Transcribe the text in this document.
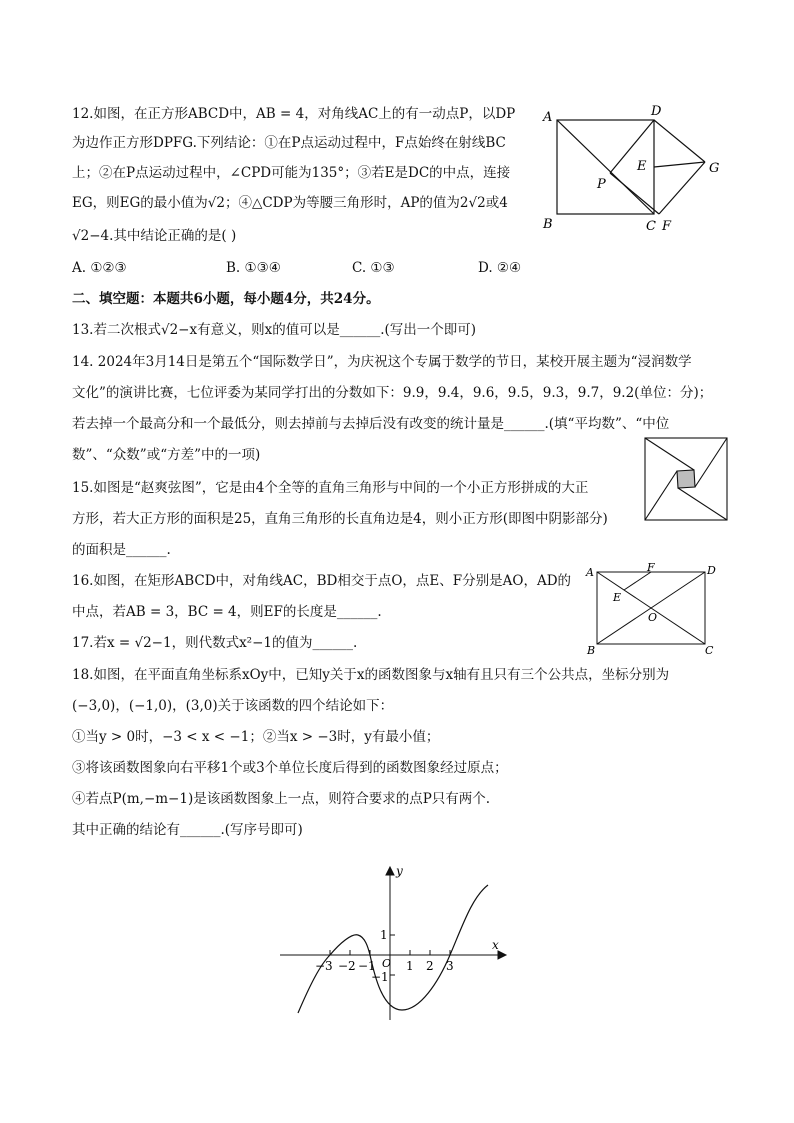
12.如图，在正方形ABCD中，AB = 4，对角线AC上的有一动点P，以DP
为边作正方形DPFG.下列结论：①在P点运动过程中，F点始终在射线BC
上；②在P点运动过程中，∠CPD可能为135°；③若E是DC的中点，连接
EG，则EG的最小值为√2；④△CDP为等腰三角形时，AP的值为2√2或4
√2−4.其中结论正确的是( )
A. ①②③	B. ①③④	C. ①③	D. ②④
A	D
B	C F
G
E
P
二、填空题：本题共6小题，每小题4分，共24分。
13.若二次根式√2−x有意义，则x的值可以是______.(写出一个即可)
14. 2024年3月14日是第五个“国际数学日”，为庆祝这个专属于数学的节日，某校开展主题为“浸润数学
文化”的演讲比赛，七位评委为某同学打出的分数如下：9.9，9.4，9.6，9.5，9.3，9.7，9.2(单位：分)；
若去掉一个最高分和一个最低分，则去掉前与去掉后没有改变的统计量是______.(填“平均数”、“中位
数”、“众数”或“方差”中的一项)
15.如图是“赵爽弦图”，它是由4个全等的直角三角形与中间的一个小正方形拼成的大正
方形，若大正方形的面积是25，直角三角形的长直角边是4，则小正方形(即图中阴影部分)
的面积是______.
16.如图，在矩形ABCD中，对角线AC，BD相交于点O，点E、F分别是AO，AD的
中点，若AB = 3，BC = 4，则EF的长度是______.
A	D
B	C
F
E
O
17.若x = √2−1，则代数式x²−1的值为______.
18.如图，在平面直角坐标系xOy中，已知y关于x的函数图象与x轴有且只有三个公共点，坐标分别为
(−3,0)，(−1,0)，(3,0)关于该函数的四个结论如下：
①当y > 0时，−3 < x < −1；②当x > −3时，y有最小值；
③将该函数图象向右平移1个或3个单位长度后得到的函数图象经过原点；
④若点P(m,−m−1)是该函数图象上一点，则符合要求的点P只有两个.
其中正确的结论有______.(写序号即可)
y
x
O
−3 −2 −1	1 2 3
1
−1
